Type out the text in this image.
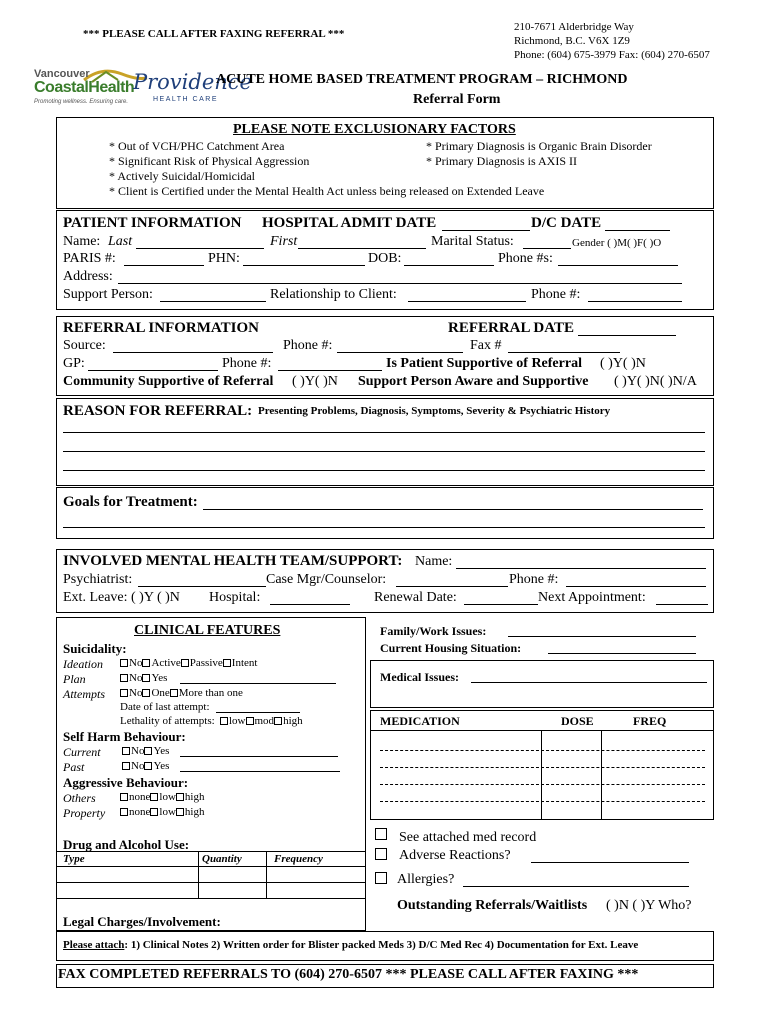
*** PLEASE CALL AFTER FAXING REFERRAL ***
210-7671 Alderbridge Way
Richmond, B.C. V6X 1Z9
Phone: (604) 675-3979 Fax: (604) 270-6507
Vancouver
CoastalHealth
Promoting wellness. Ensuring care.
Providence
HEALTH CARE
ACUTE HOME BASED TREATMENT PROGRAM – RICHMOND
Referral Form
PLEASE NOTE EXCLUSIONARY FACTORS
* Out of VCH/PHC Catchment Area
* Significant Risk of Physical Aggression
* Actively Suicidal/Homicidal
* Client is Certified under the Mental Health Act unless being released on Extended Leave
* Primary Diagnosis is Organic Brain Disorder
* Primary Diagnosis is AXIS II
PATIENT INFORMATION HOSPITAL ADMIT DATE	D/C DATE
Name: Last	First	Marital Status:	Gender ( )M( )F( )O
PARIS #:	PHN:	DOB:	Phone #s:
Address:
Support Person:	Relationship to Client:	Phone #:
REFERRAL INFORMATION	REFERRAL DATE
Source:	Phone #:	Fax #
GP:	Phone #:	Is Patient Supportive of Referral ( )Y( )N
Community Supportive of Referral ( )Y( )N Support Person Aware and Supportive ( )Y( )N( )N/A
REASON FOR REFERRAL: Presenting Problems, Diagnosis, Symptoms, Severity & Psychiatric History
Goals for Treatment:
INVOLVED MENTAL HEALTH TEAM/SUPPORT: Name:
Psychiatrist:	Case Mgr/Counselor:	Phone #:
Ext. Leave: ( )Y ( )N Hospital:	Renewal Date:	Next Appointment:
CLINICAL FEATURES
Suicidality:
Ideation	No Active Passive Intent
Plan	No Yes
Attempts	No One More than one
Date of last attempt:
Lethality of attempts:	low mod high
Self Harm Behaviour:
Current	No Yes
Past	No Yes
Aggressive Behaviour:
Others	none low high
Property	none low high
Drug and Alcohol Use:
Type	Quantity	Frequency
Legal Charges/Involvement:
Family/Work Issues:
Current Housing Situation:
Medical Issues:
MEDICATION	DOSE	FREQ
See attached med record
Adverse Reactions?
Allergies?
Outstanding Referrals/Waitlists ( )N ( )Y Who?
Please attach: 1) Clinical Notes 2) Written order for Blister packed Meds 3) D/C Med Rec 4) Documentation for Ext. Leave
FAX COMPLETED REFERRALS TO (604) 270-6507 *** PLEASE CALL AFTER FAXING ***
